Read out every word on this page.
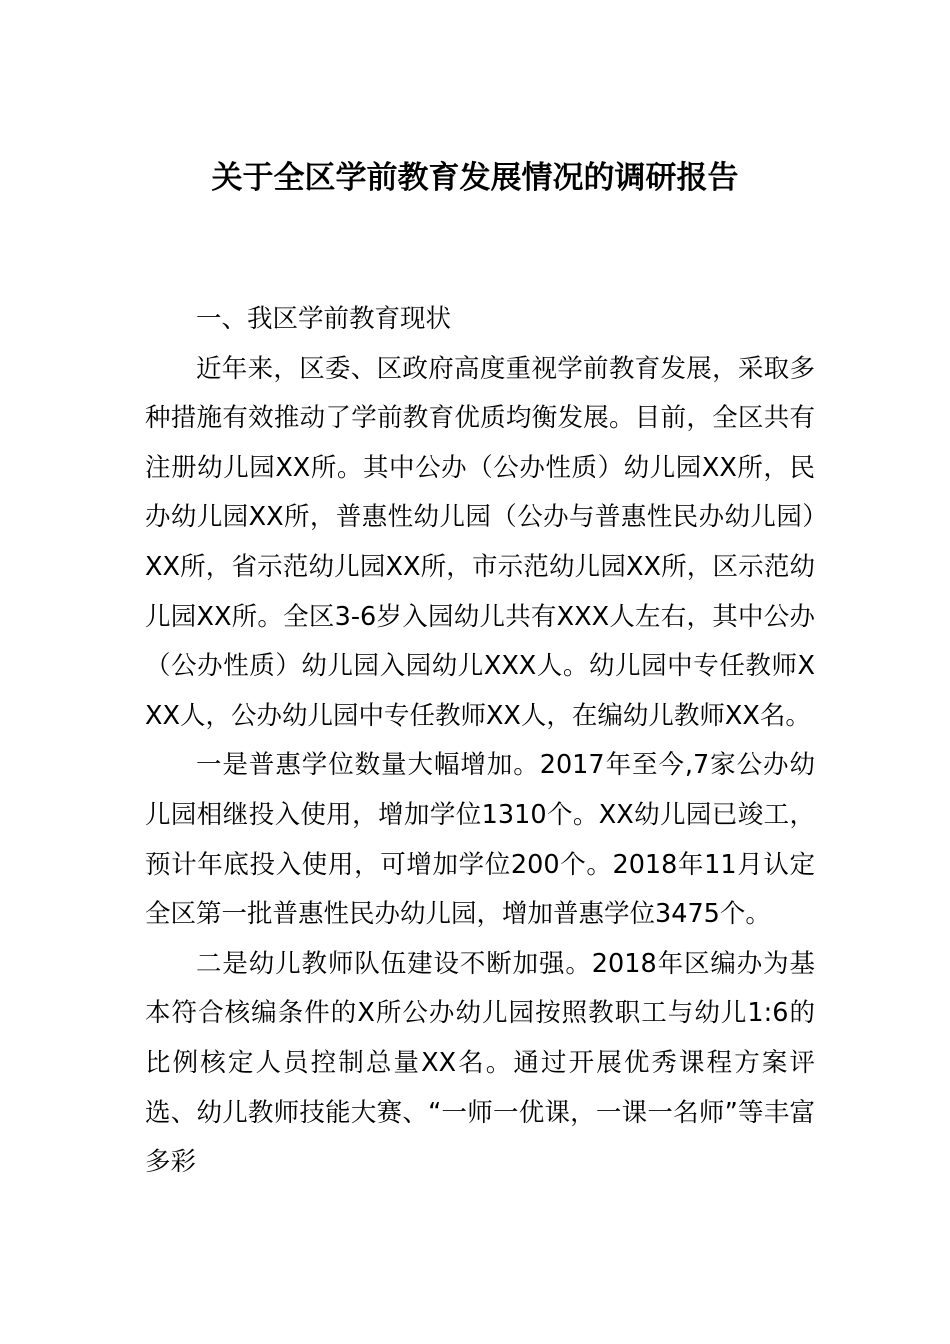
关于全区学前教育发展情况的调研报告
一、我区学前教育现状

近年来，区委、区政府高度重视学前教育发展，采取多种措施有效推动了学前教育优质均衡发展。目前，全区共有注册幼儿园XX所。其中公办（公办性质）幼儿园XX所，民办幼儿园XX所，普惠性幼儿园（公办与普惠性民办幼儿园）XX所，省示范幼儿园XX所，市示范幼儿园XX所，区示范幼儿园XX所。全区3-6岁入园幼儿共有XXX人左右，其中公办（公办性质）幼儿园入园幼儿XXX人。幼儿园中专任教师XXX人，公办幼儿园中专任教师XX人，在编幼儿教师XX名。

一是普惠学位数量大幅增加。2017年至今,7家公办幼儿园相继投入使用，增加学位1310个。XX幼儿园已竣工，预计年底投入使用，可增加学位200个。2018年11月认定全区第一批普惠性民办幼儿园，增加普惠学位3475个。

二是幼儿教师队伍建设不断加强。2018年区编办为基本符合核编条件的X所公办幼儿园按照教职工与幼儿1:6的比例核定人员控制总量XX名。通过开展优秀课程方案评选、幼儿教师技能大赛、“一师一优课，一课一名师”等丰富多彩
